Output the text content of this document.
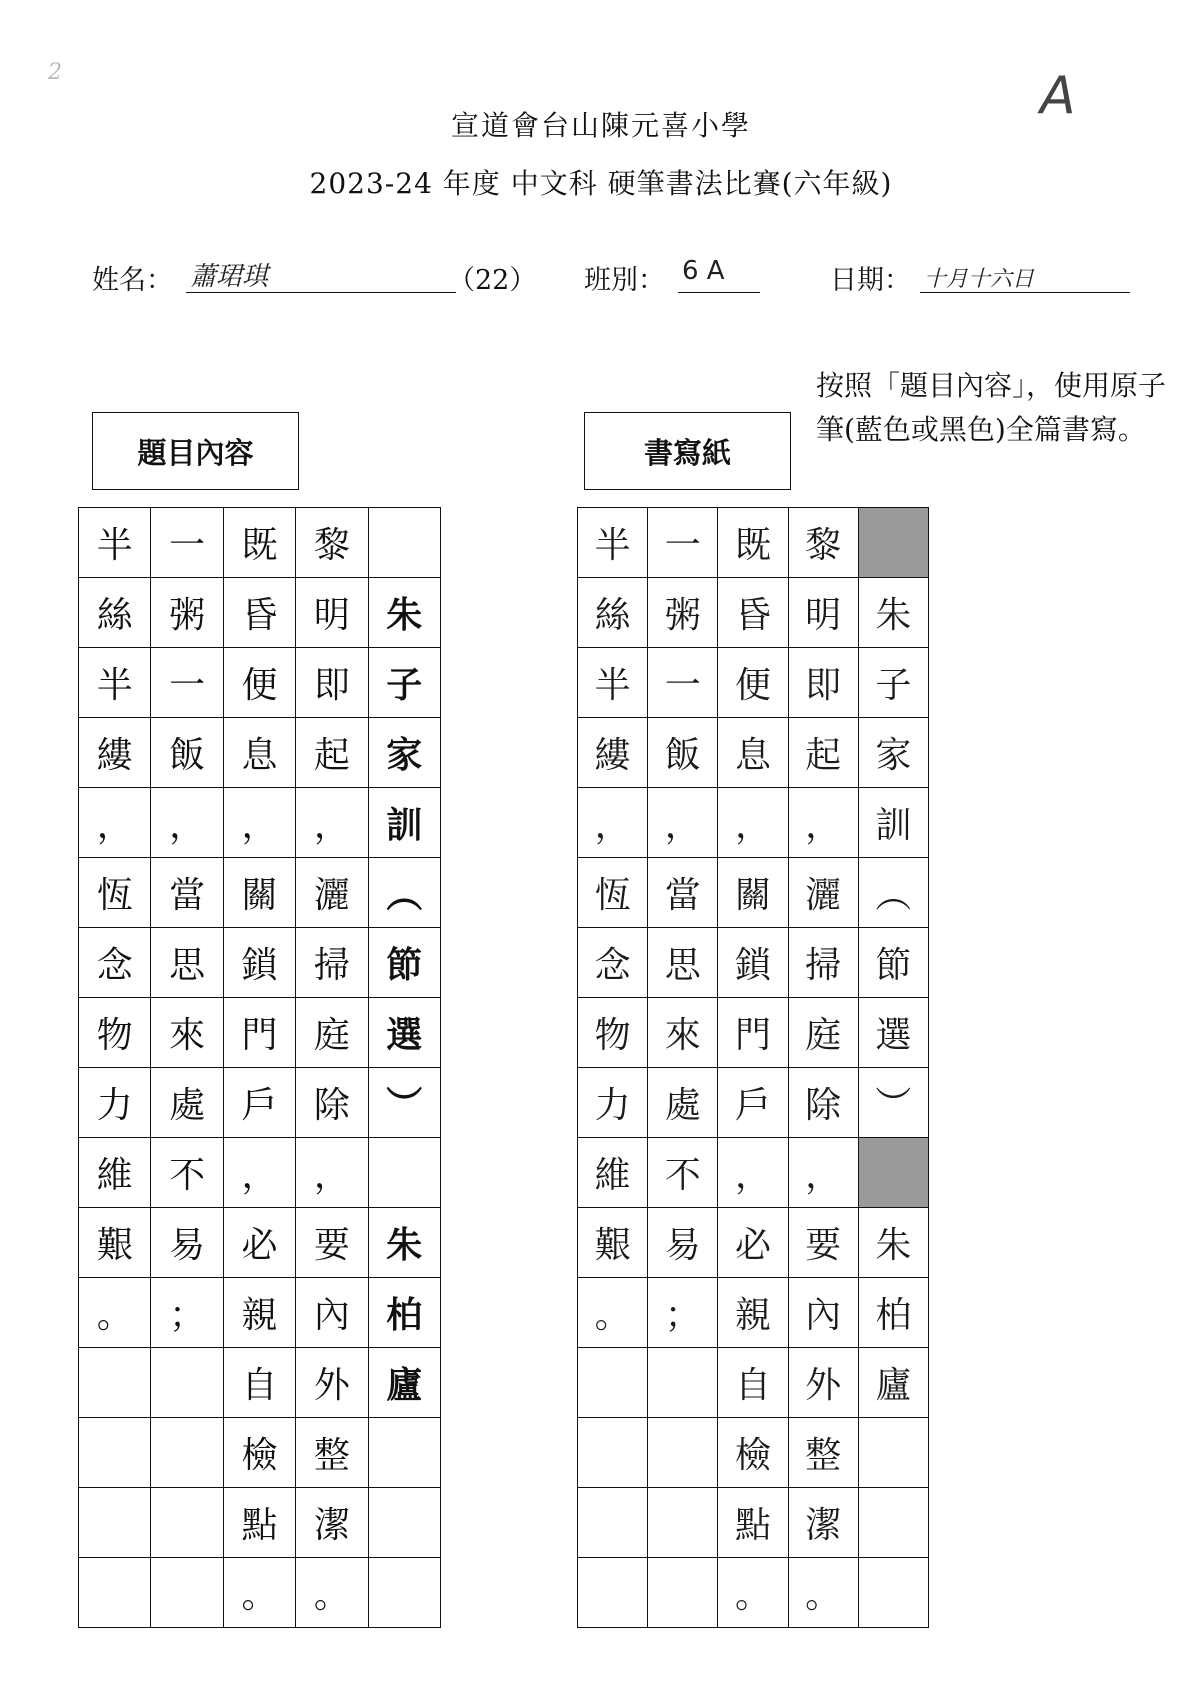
2	A
宣道會台山陳元喜小學
2023-24 年度 中文科 硬筆書法比賽(六年級)
姓名： 蕭珺琪	（22） 班別： 6 A	日期： 十月十六日
題目內容	書寫紙
按照「題目內容」，使用原子筆(藍色或黑色)全篇書寫。
半	一	既	黎	
絲	粥	昏	明	朱
半	一	便	即	子
縷	飯	息	起	家
，	，	，	，	訓
恆	當	關	灑	︵
念	思	鎖	掃	節
物	來	門	庭	選
力	處	戶	除	︶
維	不	，	，	
艱	易	必	要	朱
。	；	親	內	柏
		自	外	廬
		檢	整	
		點	潔	
		。	。	
半	一	既	黎	
絲	粥	昏	明	朱
半	一	便	即	子
縷	飯	息	起	家
，	，	，	，	訓
恆	當	關	灑	︵
念	思	鎖	掃	節
物	來	門	庭	選
力	處	戶	除	︶
維	不	，	，	
艱	易	必	要	朱
。	；	親	內	柏
		自	外	廬
		檢	整	
		點	潔	
		。	。	
